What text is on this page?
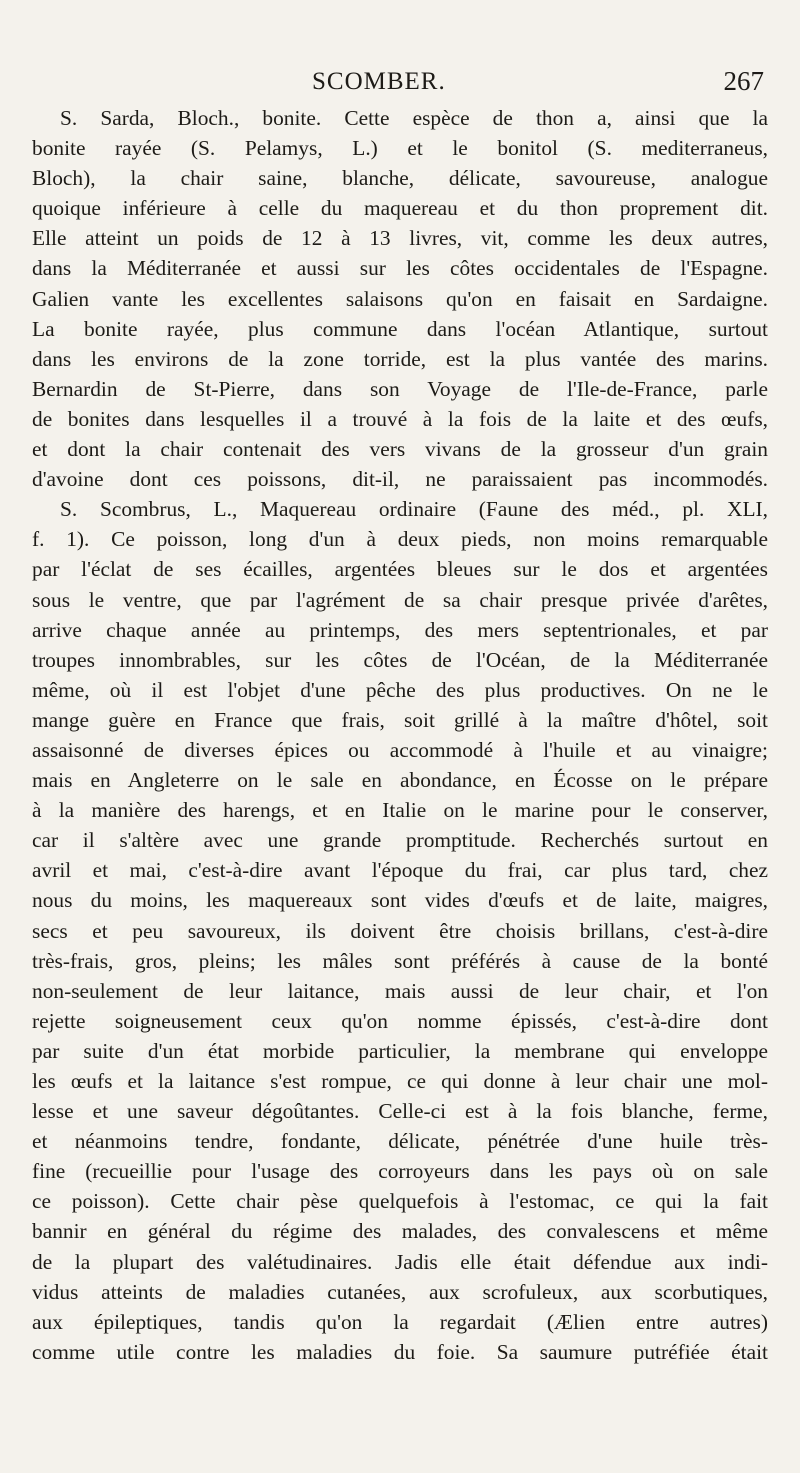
SCOMBER.	267
S. Sarda, Bloch., bonite. Cette espèce de thon a, ainsi que la
bonite rayée (S. Pelamys, L.) et le bonitol (S. mediterraneus,
Bloch), la chair saine, blanche, délicate, savoureuse, analogue
quoique inférieure à celle du maquereau et du thon proprement dit.
Elle atteint un poids de 12 à 13 livres, vit, comme les deux autres,
dans la Méditerranée et aussi sur les côtes occidentales de l'Espagne.
Galien vante les excellentes salaisons qu'on en faisait en Sardaigne.
La bonite rayée, plus commune dans l'océan Atlantique, surtout
dans les environs de la zone torride, est la plus vantée des marins.
Bernardin de St-Pierre, dans son Voyage de l'Ile-de-France, parle
de bonites dans lesquelles il a trouvé à la fois de la laite et des œufs,
et dont la chair contenait des vers vivans de la grosseur d'un grain
d'avoine dont ces poissons, dit-il, ne paraissaient pas incommodés.
S. Scombrus, L., Maquereau ordinaire (Faune des méd., pl. XLI,
f. 1). Ce poisson, long d'un à deux pieds, non moins remarquable
par l'éclat de ses écailles, argentées bleues sur le dos et argentées
sous le ventre, que par l'agrément de sa chair presque privée d'arêtes,
arrive chaque année au printemps, des mers septentrionales, et par
troupes innombrables, sur les côtes de l'Océan, de la Méditerranée
même, où il est l'objet d'une pêche des plus productives. On ne le
mange guère en France que frais, soit grillé à la maître d'hôtel, soit
assaisonné de diverses épices ou accommodé à l'huile et au vinaigre;
mais en Angleterre on le sale en abondance, en Écosse on le prépare
à la manière des harengs, et en Italie on le marine pour le conserver,
car il s'altère avec une grande promptitude. Recherchés surtout en
avril et mai, c'est-à-dire avant l'époque du frai, car plus tard, chez
nous du moins, les maquereaux sont vides d'œufs et de laite, maigres,
secs et peu savoureux, ils doivent être choisis brillans, c'est-à-dire
très-frais, gros, pleins; les mâles sont préférés à cause de la bonté
non-seulement de leur laitance, mais aussi de leur chair, et l'on
rejette soigneusement ceux qu'on nomme épissés, c'est-à-dire dont
par suite d'un état morbide particulier, la membrane qui enveloppe
les œufs et la laitance s'est rompue, ce qui donne à leur chair une mol-
lesse et une saveur dégoûtantes. Celle-ci est à la fois blanche, ferme,
et néanmoins tendre, fondante, délicate, pénétrée d'une huile très-
fine (recueillie pour l'usage des corroyeurs dans les pays où on sale
ce poisson). Cette chair pèse quelquefois à l'estomac, ce qui la fait
bannir en général du régime des malades, des convalescens et même
de la plupart des valétudinaires. Jadis elle était défendue aux indi-
vidus atteints de maladies cutanées, aux scrofuleux, aux scorbutiques,
aux épileptiques, tandis qu'on la regardait (Ælien entre autres)
comme utile contre les maladies du foie. Sa saumure putréfiée était
